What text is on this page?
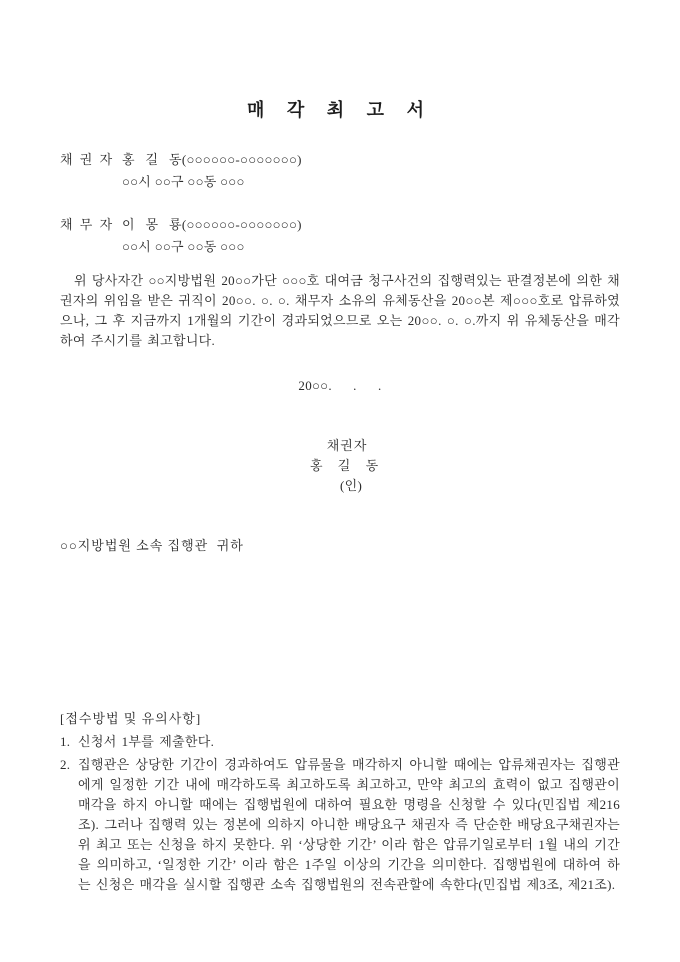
매 각 최 고 서
채 권 자 홍   길   동 (○○○○○○-○○○○○○○)
○○시 ○○구 ○○동 ○○○
채 무 자 이   몽   룡 (○○○○○○-○○○○○○○)
○○시 ○○구 ○○동 ○○○

위 당사자간 ○○지방법원 20○○가단 ○○○호 대여금 청구사건의 집행력있는 판결정본에 의한 채권자의 위임을 받은 귀직이 20○○. ○. ○. 채무자 소유의 유체동산을 20○○본 제○○○호로 압류하였으나, 그 후 지금까지 1개월의 기간이 경과되었으므로 오는 20○○. ○. ○.까지 위 유체동산을 매각하여 주시기를 최고합니다.

20○○.      .      .

채권자
홍 길 동
(인)

○○지방법원 소속 집행관  귀하
[접수방법 및 유의사항]
1. 신청서 1부를 제출한다.
2. 집행관은 상당한 기간이 경과하여도 압류물을 매각하지 아니할 때에는 압류채권자는 집행관에게 일정한 기간 내에 매각하도록 최고하도록 최고하고, 만약 최고의 효력이 없고 집행관이 매각을 하지 아니할 때에는 집행법원에 대하여 필요한 명령을 신청할 수 있다(민집법 제216조). 그러나 집행력 있는 정본에 의하지 아니한 배당요구 채권자 즉 단순한 배당요구채권자는 위 최고 또는 신청을 하지 못한다. 위 ‘상당한 기간’ 이라 함은 압류기일로부터 1월 내의 기간을 의미하고, ‘일정한 기간’ 이라 함은 1주일 이상의 기간을 의미한다. 집행법원에 대하여 하는 신청은 매각을 실시할 집행관 소속 집행법원의 전속관할에 속한다(민집법 제3조, 제21조).
